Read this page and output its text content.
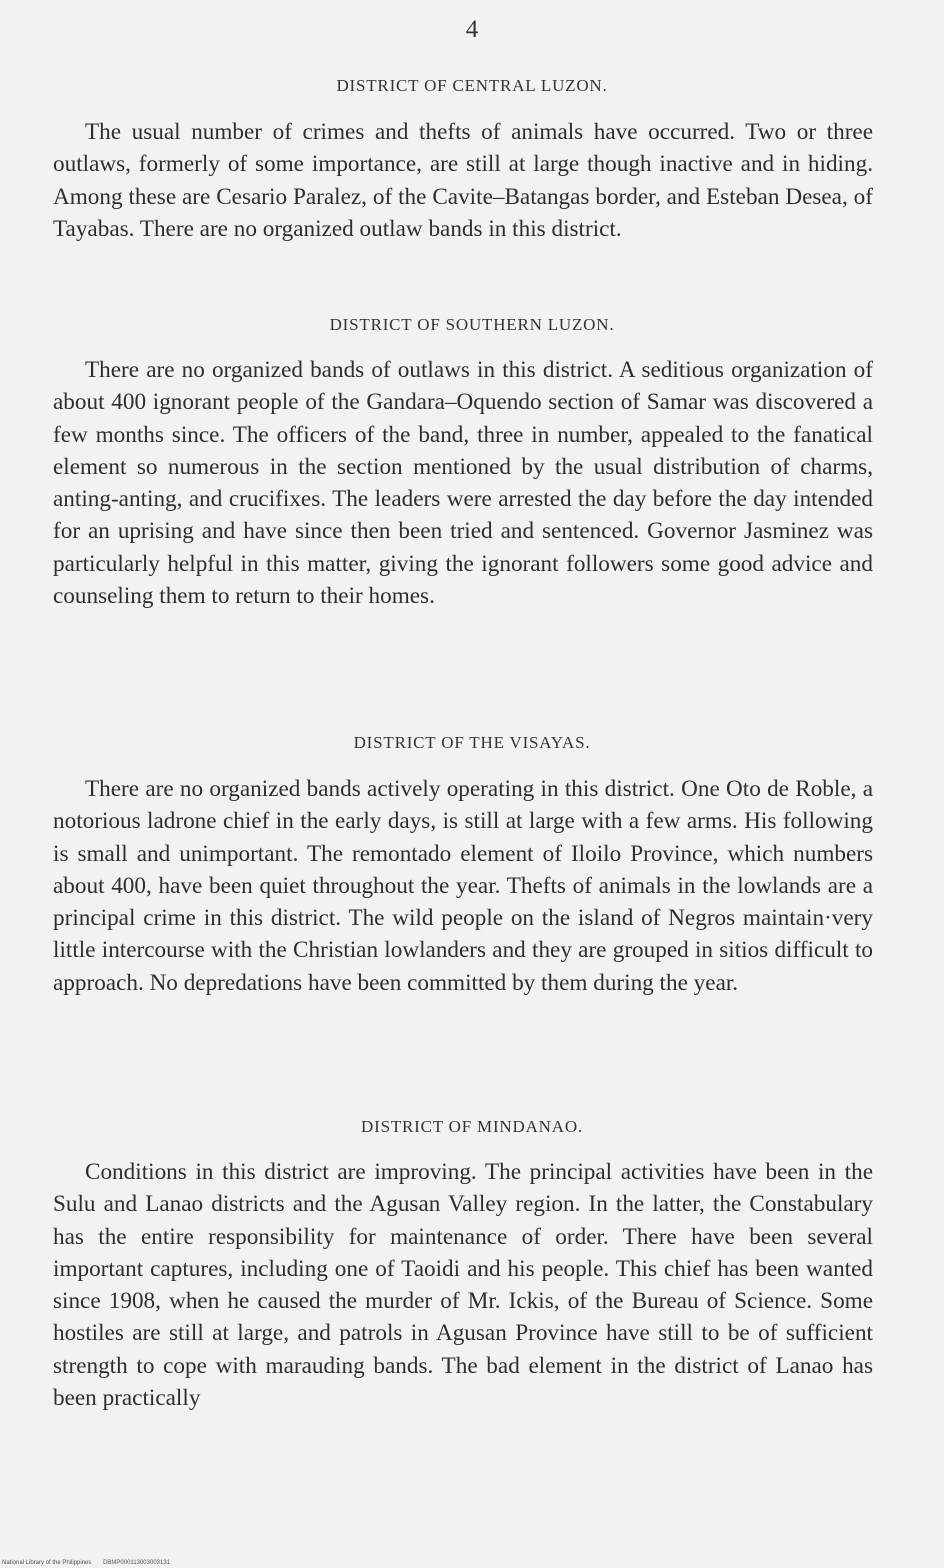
4
DISTRICT OF CENTRAL LUZON.

The usual number of crimes and thefts of animals have occurred. Two or three outlaws, formerly of some importance, are still at large though inactive and in hiding. Among these are Cesario Paralez, of the Cavite–Batangas border, and Esteban Desea, of Tayabas. There are no organized outlaw bands in this district.

DISTRICT OF SOUTHERN LUZON.

There are no organized bands of outlaws in this district. A seditious organization of about 400 ignorant people of the Gandara–Oquendo section of Samar was discovered a few months since. The officers of the band, three in number, appealed to the fanatical element so numerous in the section mentioned by the usual distribution of charms, anting-anting, and crucifixes. The leaders were arrested the day before the day intended for an uprising and have since then been tried and sentenced. Governor Jasminez was particularly helpful in this matter, giving the ignorant followers some good advice and counseling them to return to their homes.

DISTRICT OF THE VISAYAS.

There are no organized bands actively operating in this district. One Oto de Roble, a notorious ladrone chief in the early days, is still at large with a few arms. His following is small and unimportant. The remontado element of Iloilo Province, which numbers about 400, have been quiet throughout the year. Thefts of animals in the lowlands are a principal crime in this district. The wild people on the island of Negros maintain·very little intercourse with the Christian lowlanders and they are grouped in sitios difficult to approach. No depredations have been committed by them during the year.

DISTRICT OF MINDANAO.

Conditions in this district are improving. The principal activities have been in the Sulu and Lanao districts and the Agusan Valley region. In the latter, the Constabulary has the entire responsibility for maintenance of order. There have been several important captures, including one of Taoidi and his people. This chief has been wanted since 1908, when he caused the murder of Mr. Ickis, of the Bureau of Science. Some hostiles are still at large, and patrols in Agusan Province have still to be of sufficient strength to cope with marauding bands. The bad element in the district of Lanao has been practically

National Library of the Philippines DBMP000113003003131
